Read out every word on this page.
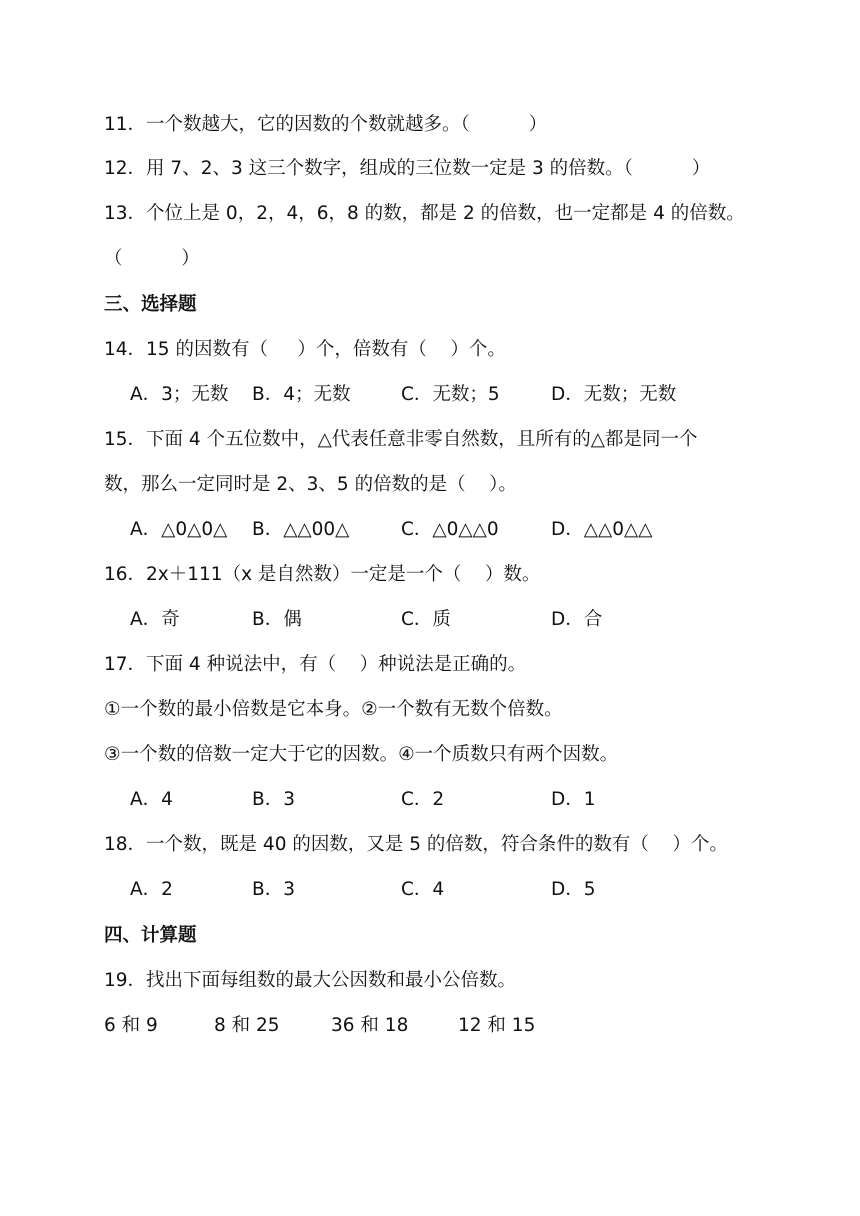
11．一个数越大，它的因数的个数就越多。（          ）
12．用 7、2、3 这三个数字，组成的三位数一定是 3 的倍数。（          ）
13．个位上是 0，2，4，6，8 的数，都是 2 的倍数，也一定都是 4 的倍数。
（          ）
三、选择题
14．15 的因数有（     ）个，倍数有（    ）个。
A．3；无数 B．4；无数	C．无数；5	D．无数；无数
15．下面 4 个五位数中，△代表任意非零自然数，且所有的△都是同一个
数，那么一定同时是 2、3、5 的倍数的是（    ）。
A．△0△0△ B．△△00△	C．△0△△0	D．△△0△△
16．2x＋111（x 是自然数）一定是一个（    ）数。
A．奇	B．偶	C．质	D．合
17．下面 4 种说法中，有（    ）种说法是正确的。
①一个数的最小倍数是它本身。②一个数有无数个倍数。
③一个数的倍数一定大于它的因数。④一个质数只有两个因数。
A．4	B．3	C．2	D．1
18．一个数，既是 40 的因数，又是 5 的倍数，符合条件的数有（    ）个。
A．2	B．3	C．4	D．5
四、计算题
19．找出下面每组数的最大公因数和最小公倍数。
6 和 9	8 和 25	36 和 18	12 和 15
